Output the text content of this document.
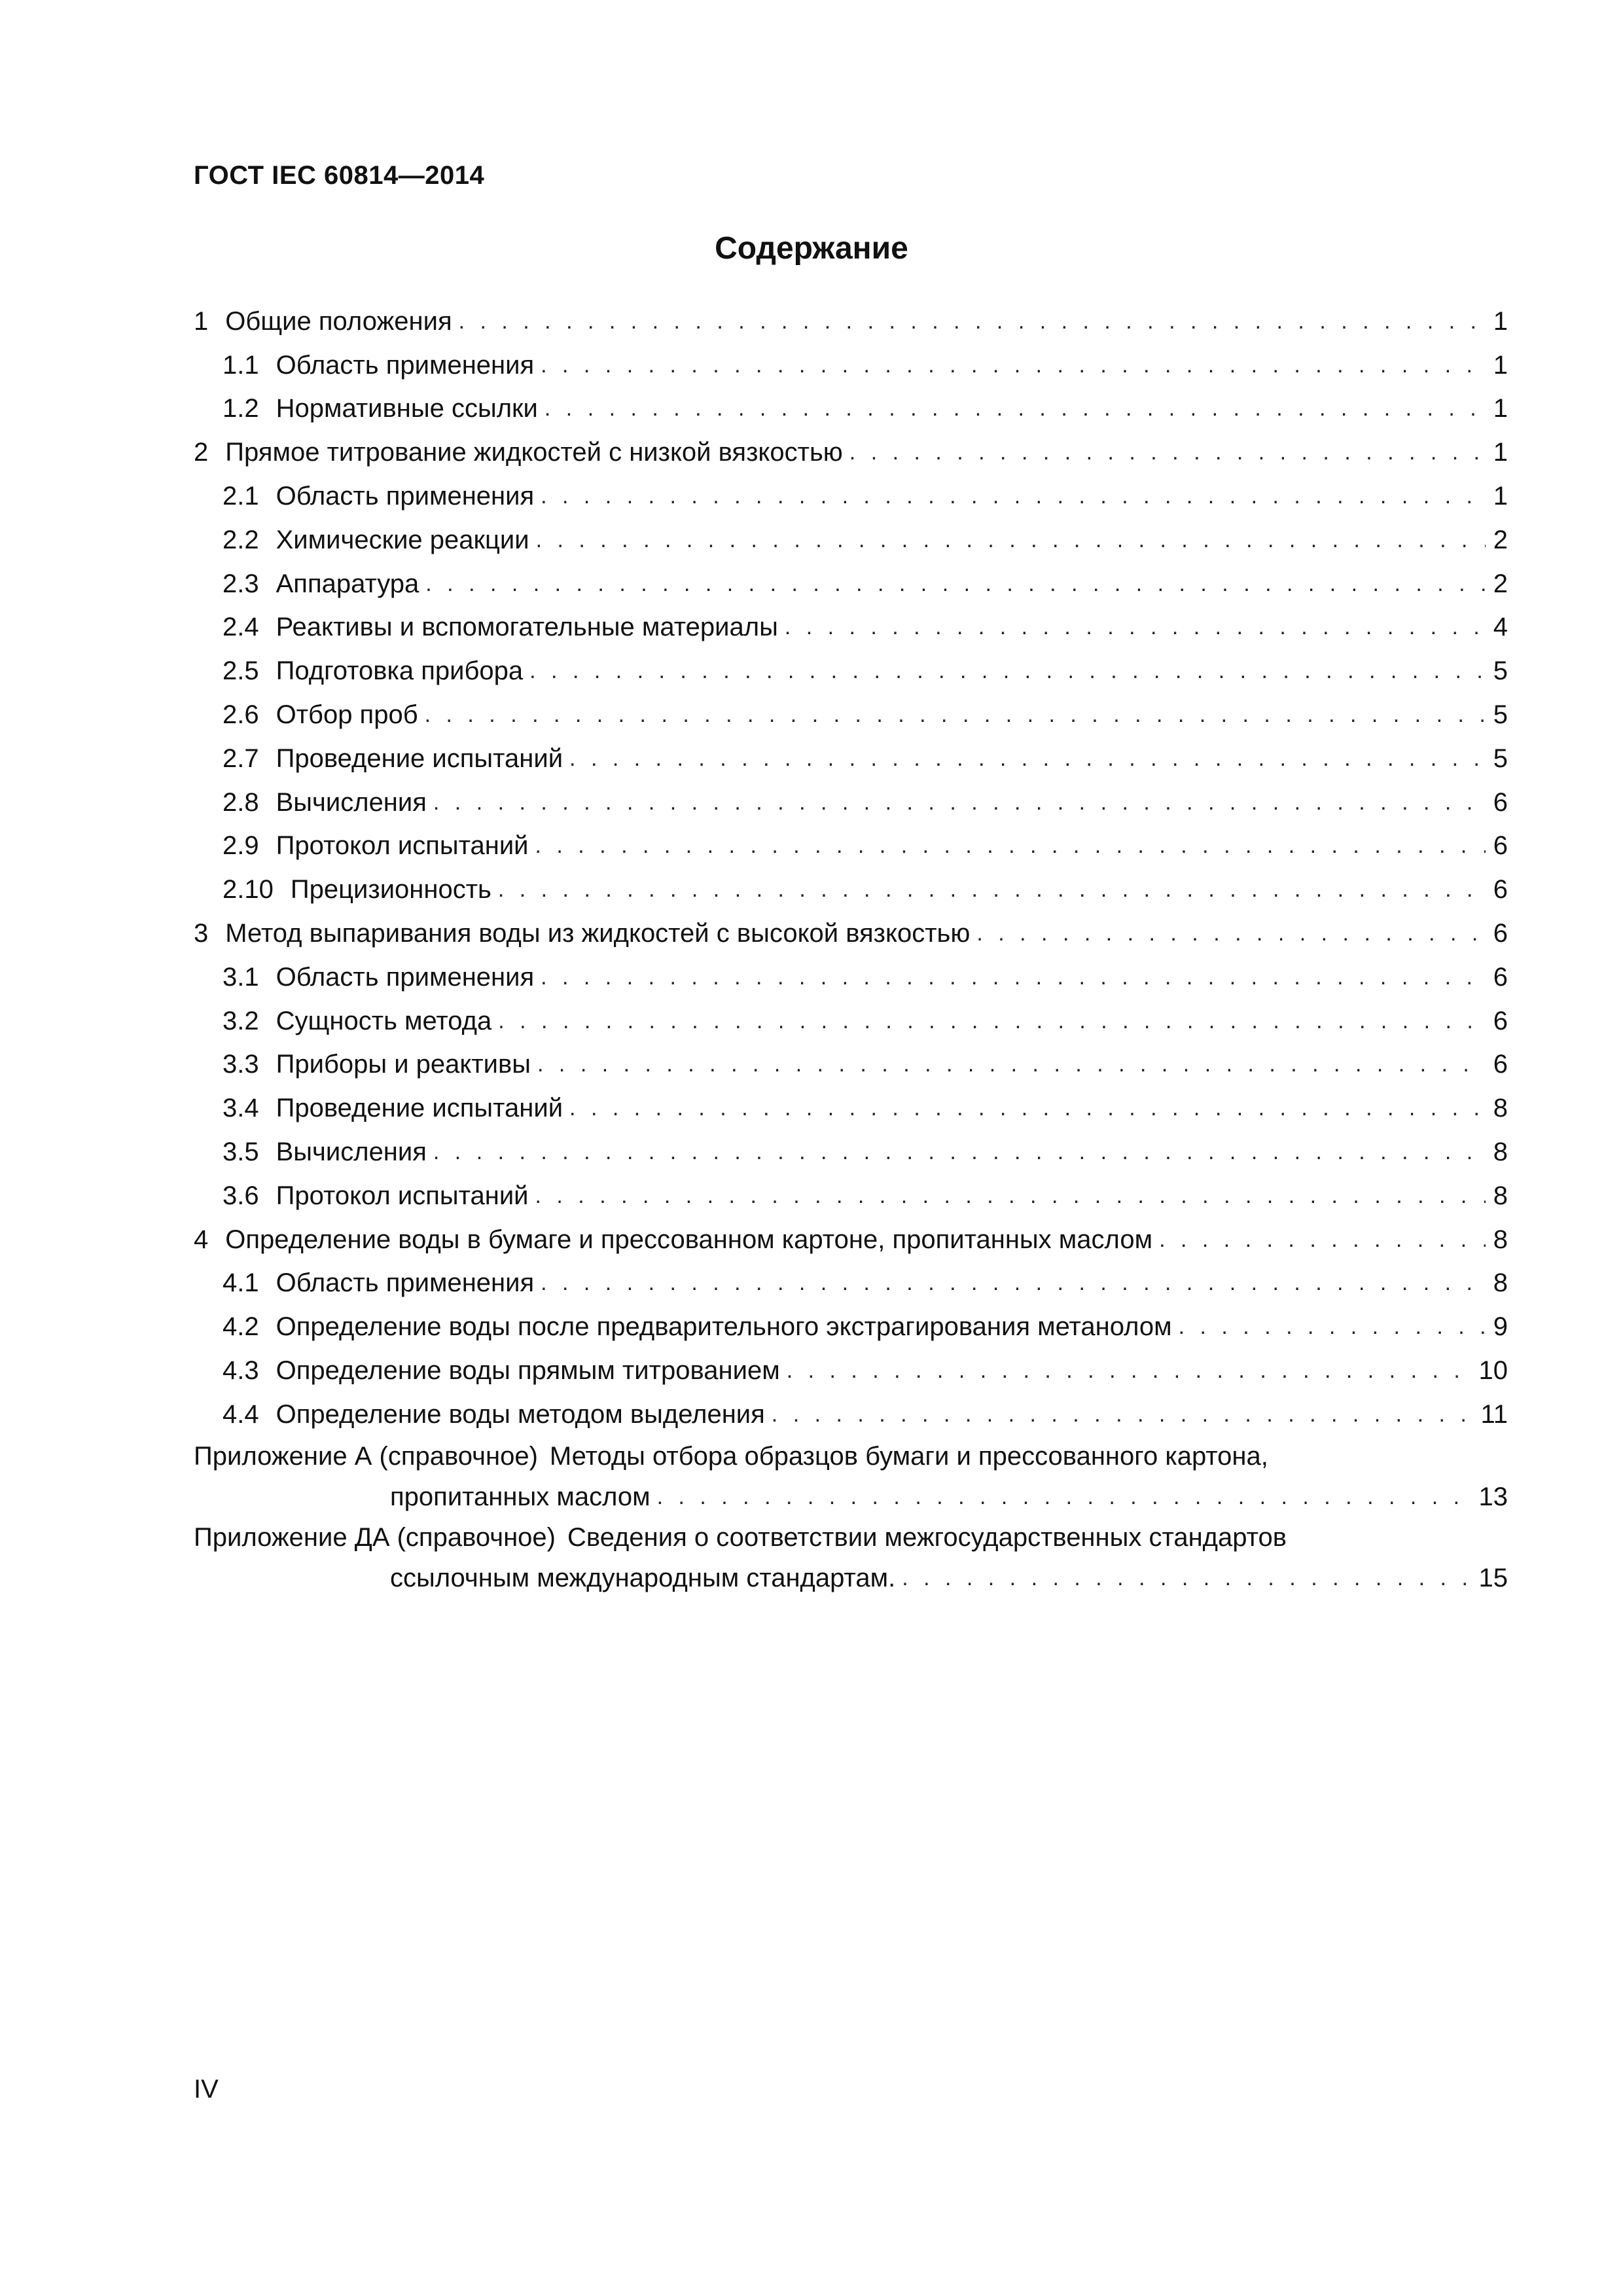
ГОСТ IEC 60814—2014
Содержание
1 Общие положения . . .	1
1.1 Область применения . . .	1
1.2 Нормативные ссылки . . .	1
2 Прямое титрование жидкостей с низкой вязкостью . . .	1
2.1 Область применения . . .	1
2.2 Химические реакции . . .	2
2.3 Аппаратура . . .	2
2.4 Реактивы и вспомогательные материалы . . .	4
2.5 Подготовка прибора . . .	5
2.6 Отбор проб . . .	5
2.7 Проведение испытаний . . .	5
2.8 Вычисления . . .	6
2.9 Протокол испытаний . . .	6
2.10 Прецизионность . . .	6
3 Метод выпаривания воды из жидкостей с высокой вязкостью . . .	6
3.1 Область применения . . .	6
3.2 Сущность метода . . .	6
3.3 Приборы и реактивы . . .	6
3.4 Проведение испытаний . . .	8
3.5 Вычисления . . .	8
3.6 Протокол испытаний . . .	8
4 Определение воды в бумаге и прессованном картоне, пропитанных маслом . . .	8
4.1 Область применения . . .	8
4.2 Определение воды после предварительного экстрагирования метанолом . . .	9
4.3 Определение воды прямым титрованием . . .	10
4.4 Определение воды методом выделения . . .	11
Приложение А (справочное) Методы отбора образцов бумаги и прессованного картона,
пропитанных маслом . . .	13
Приложение ДА (справочное) Сведения о соответствии межгосударственных стандартов
ссылочным международным стандартам. . . .	15
IV
